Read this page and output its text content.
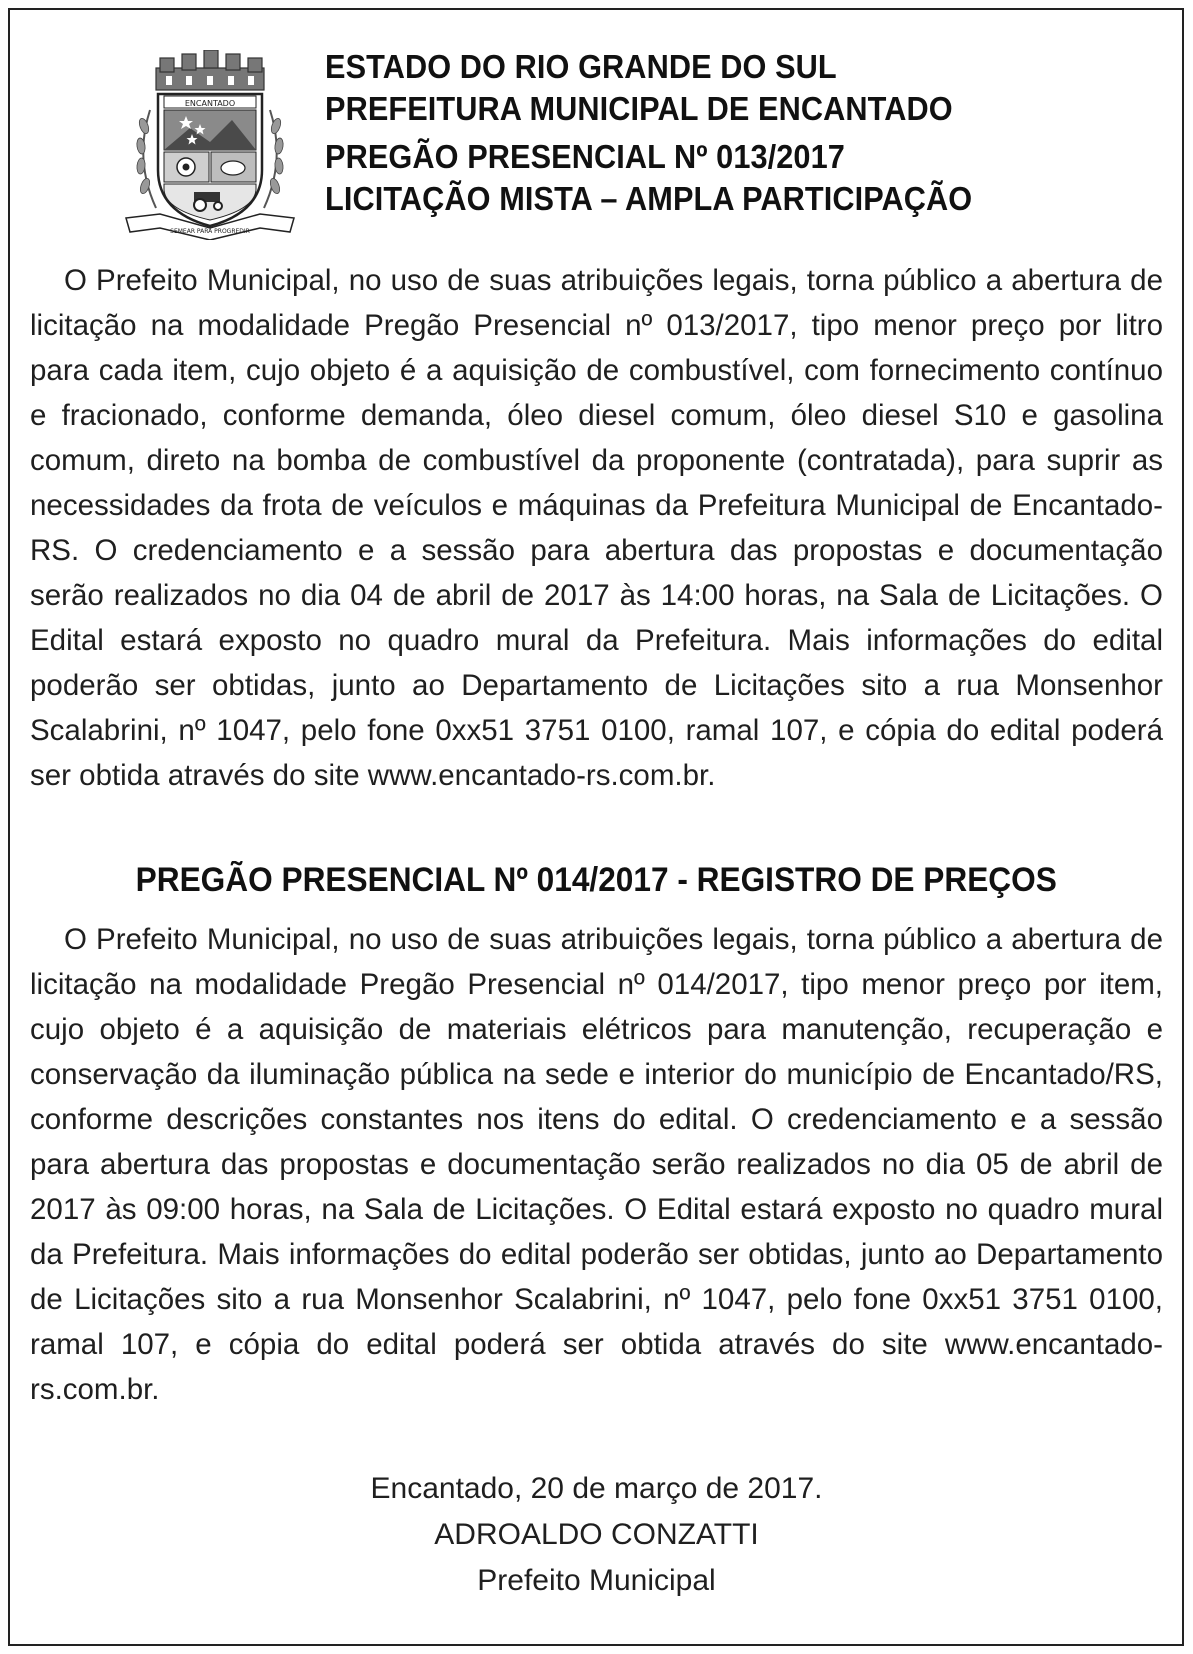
ENCANTADO
SEMEAR PARA PROGREDIR
ESTADO DO RIO GRANDE DO SUL
PREFEITURA MUNICIPAL DE ENCANTADO
PREGÃO PRESENCIAL Nº 013/2017
LICITAÇÃO MISTA – AMPLA PARTICIPAÇÃO
O Prefeito Municipal, no uso de suas atribuições legais, torna público a abertura de licitação na modalidade Pregão Presencial nº 013/2017, tipo menor preço por litro para cada item, cujo objeto é a aquisição de combustível, com fornecimento contínuo e fracionado, conforme demanda, óleo diesel comum, óleo diesel S10 e gasolina comum, direto na bomba de combustível da proponente (contratada), para suprir as necessidades da frota de veículos e máquinas da Prefeitura Municipal de Encantado-RS. O credenciamento e a sessão para abertura das propostas e documentação serão realizados no dia 04 de abril de 2017 às 14:00 horas, na Sala de Licitações. O Edital estará exposto no quadro mural da Prefeitura. Mais informações do edital poderão ser obtidas, junto ao Departamento de Licitações sito a rua Monsenhor Scalabrini, nº 1047, pelo fone 0xx51 3751 0100, ramal 107, e cópia do edital poderá ser obtida através do site www.encantado-rs.com.br.
PREGÃO PRESENCIAL Nº 014/2017 - REGISTRO DE PREÇOS
O Prefeito Municipal, no uso de suas atribuições legais, torna público a abertura de licitação na modalidade Pregão Presencial nº 014/2017, tipo menor preço por item, cujo objeto é a aquisição de materiais elétricos para manutenção, recuperação e conservação da iluminação pública na sede e interior do município de Encantado/RS, conforme descrições constantes nos itens do edital. O credenciamento e a sessão para abertura das propostas e documentação serão realizados no dia 05 de abril de 2017 às 09:00 horas, na Sala de Licitações. O Edital estará exposto no quadro mural da Prefeitura. Mais informações do edital poderão ser obtidas, junto ao Departamento de Licitações sito a rua Monsenhor Scalabrini, nº 1047, pelo fone 0xx51 3751 0100, ramal 107, e cópia do edital poderá ser obtida através do site www.encantado-rs.com.br.
Encantado, 20 de março de 2017.
ADROALDO CONZATTI
Prefeito Municipal
